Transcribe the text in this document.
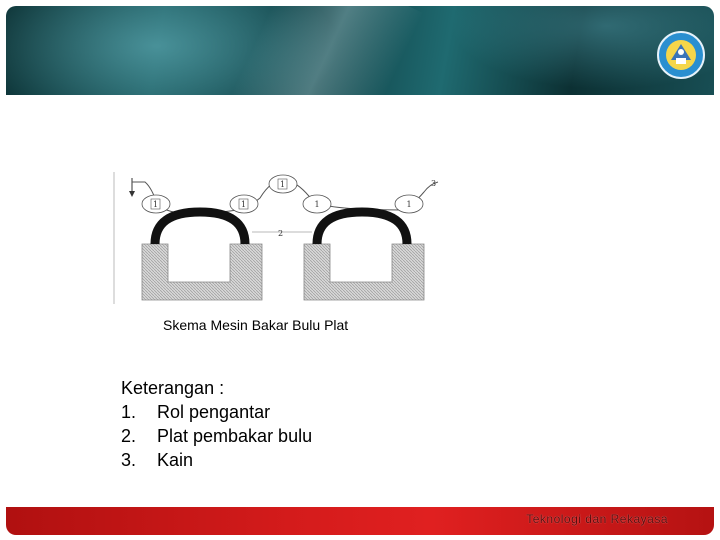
1	1
1
1	1
2
3
Skema Mesin Bakar Bulu Plat
Keterangan :
1.	Rol pengantar
2.	Plat pembakar bulu
3.	Kain
Teknologi dan Rekayasa
